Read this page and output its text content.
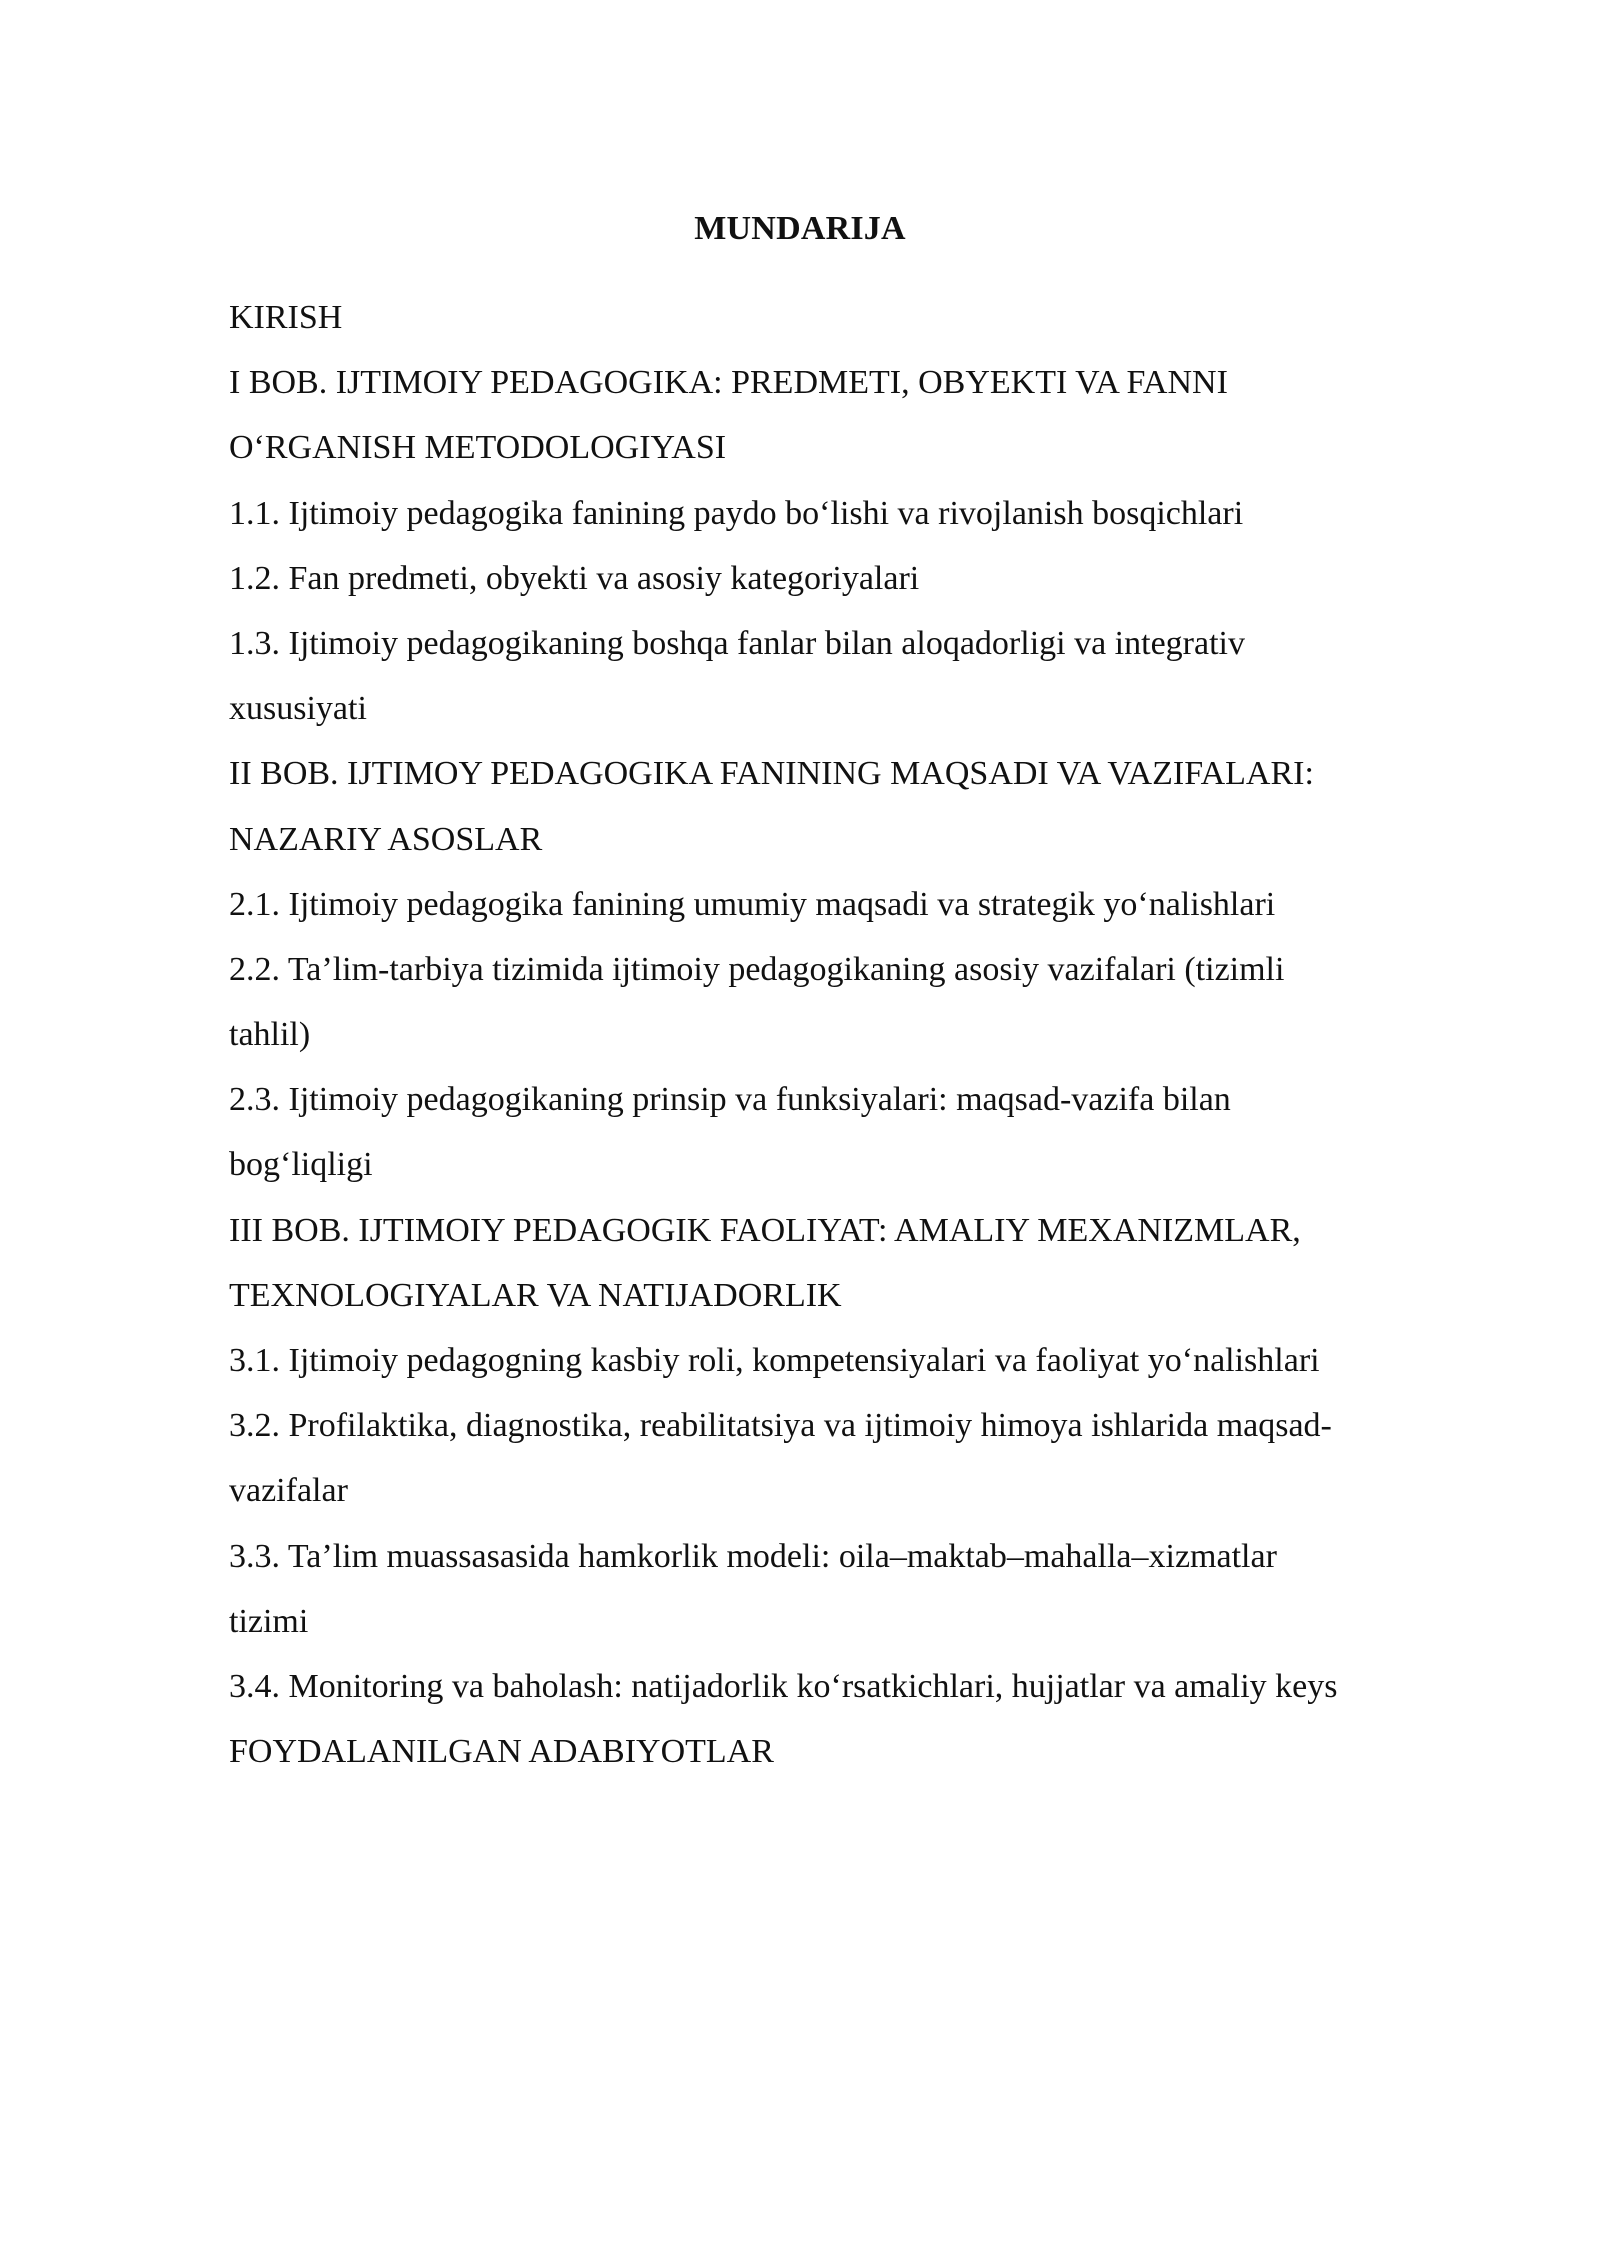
MUNDARIJA
KIRISH
I BOB. IJTIMOIY PEDAGOGIKA: PREDMETI, OBYEKTI VA FANNI
O‘RGANISH METODOLOGIYASI
1.1. Ijtimoiy pedagogika fanining paydo bo‘lishi va rivojlanish bosqichlari
1.2. Fan predmeti, obyekti va asosiy kategoriyalari
1.3. Ijtimoiy pedagogikaning boshqa fanlar bilan aloqadorligi va integrativ
xususiyati
II BOB. IJTIMOY PEDAGOGIKA FANINING MAQSADI VA VAZIFALARI:
NAZARIY ASOSLAR
2.1. Ijtimoiy pedagogika fanining umumiy maqsadi va strategik yo‘nalishlari
2.2. Ta’lim-tarbiya tizimida ijtimoiy pedagogikaning asosiy vazifalari (tizimli
tahlil)
2.3. Ijtimoiy pedagogikaning prinsip va funksiyalari: maqsad-vazifa bilan
bog‘liqligi
III BOB. IJTIMOIY PEDAGOGIK FAOLIYAT: AMALIY MEXANIZMLAR,
TEXNOLOGIYALAR VA NATIJADORLIK
3.1. Ijtimoiy pedagogning kasbiy roli, kompetensiyalari va faoliyat yo‘nalishlari
3.2. Profilaktika, diagnostika, reabilitatsiya va ijtimoiy himoya ishlarida maqsad-
vazifalar
3.3. Ta’lim muassasasida hamkorlik modeli: oila–maktab–mahalla–xizmatlar
tizimi
3.4. Monitoring va baholash: natijadorlik ko‘rsatkichlari, hujjatlar va amaliy keys
FOYDALANILGAN ADABIYOTLAR
